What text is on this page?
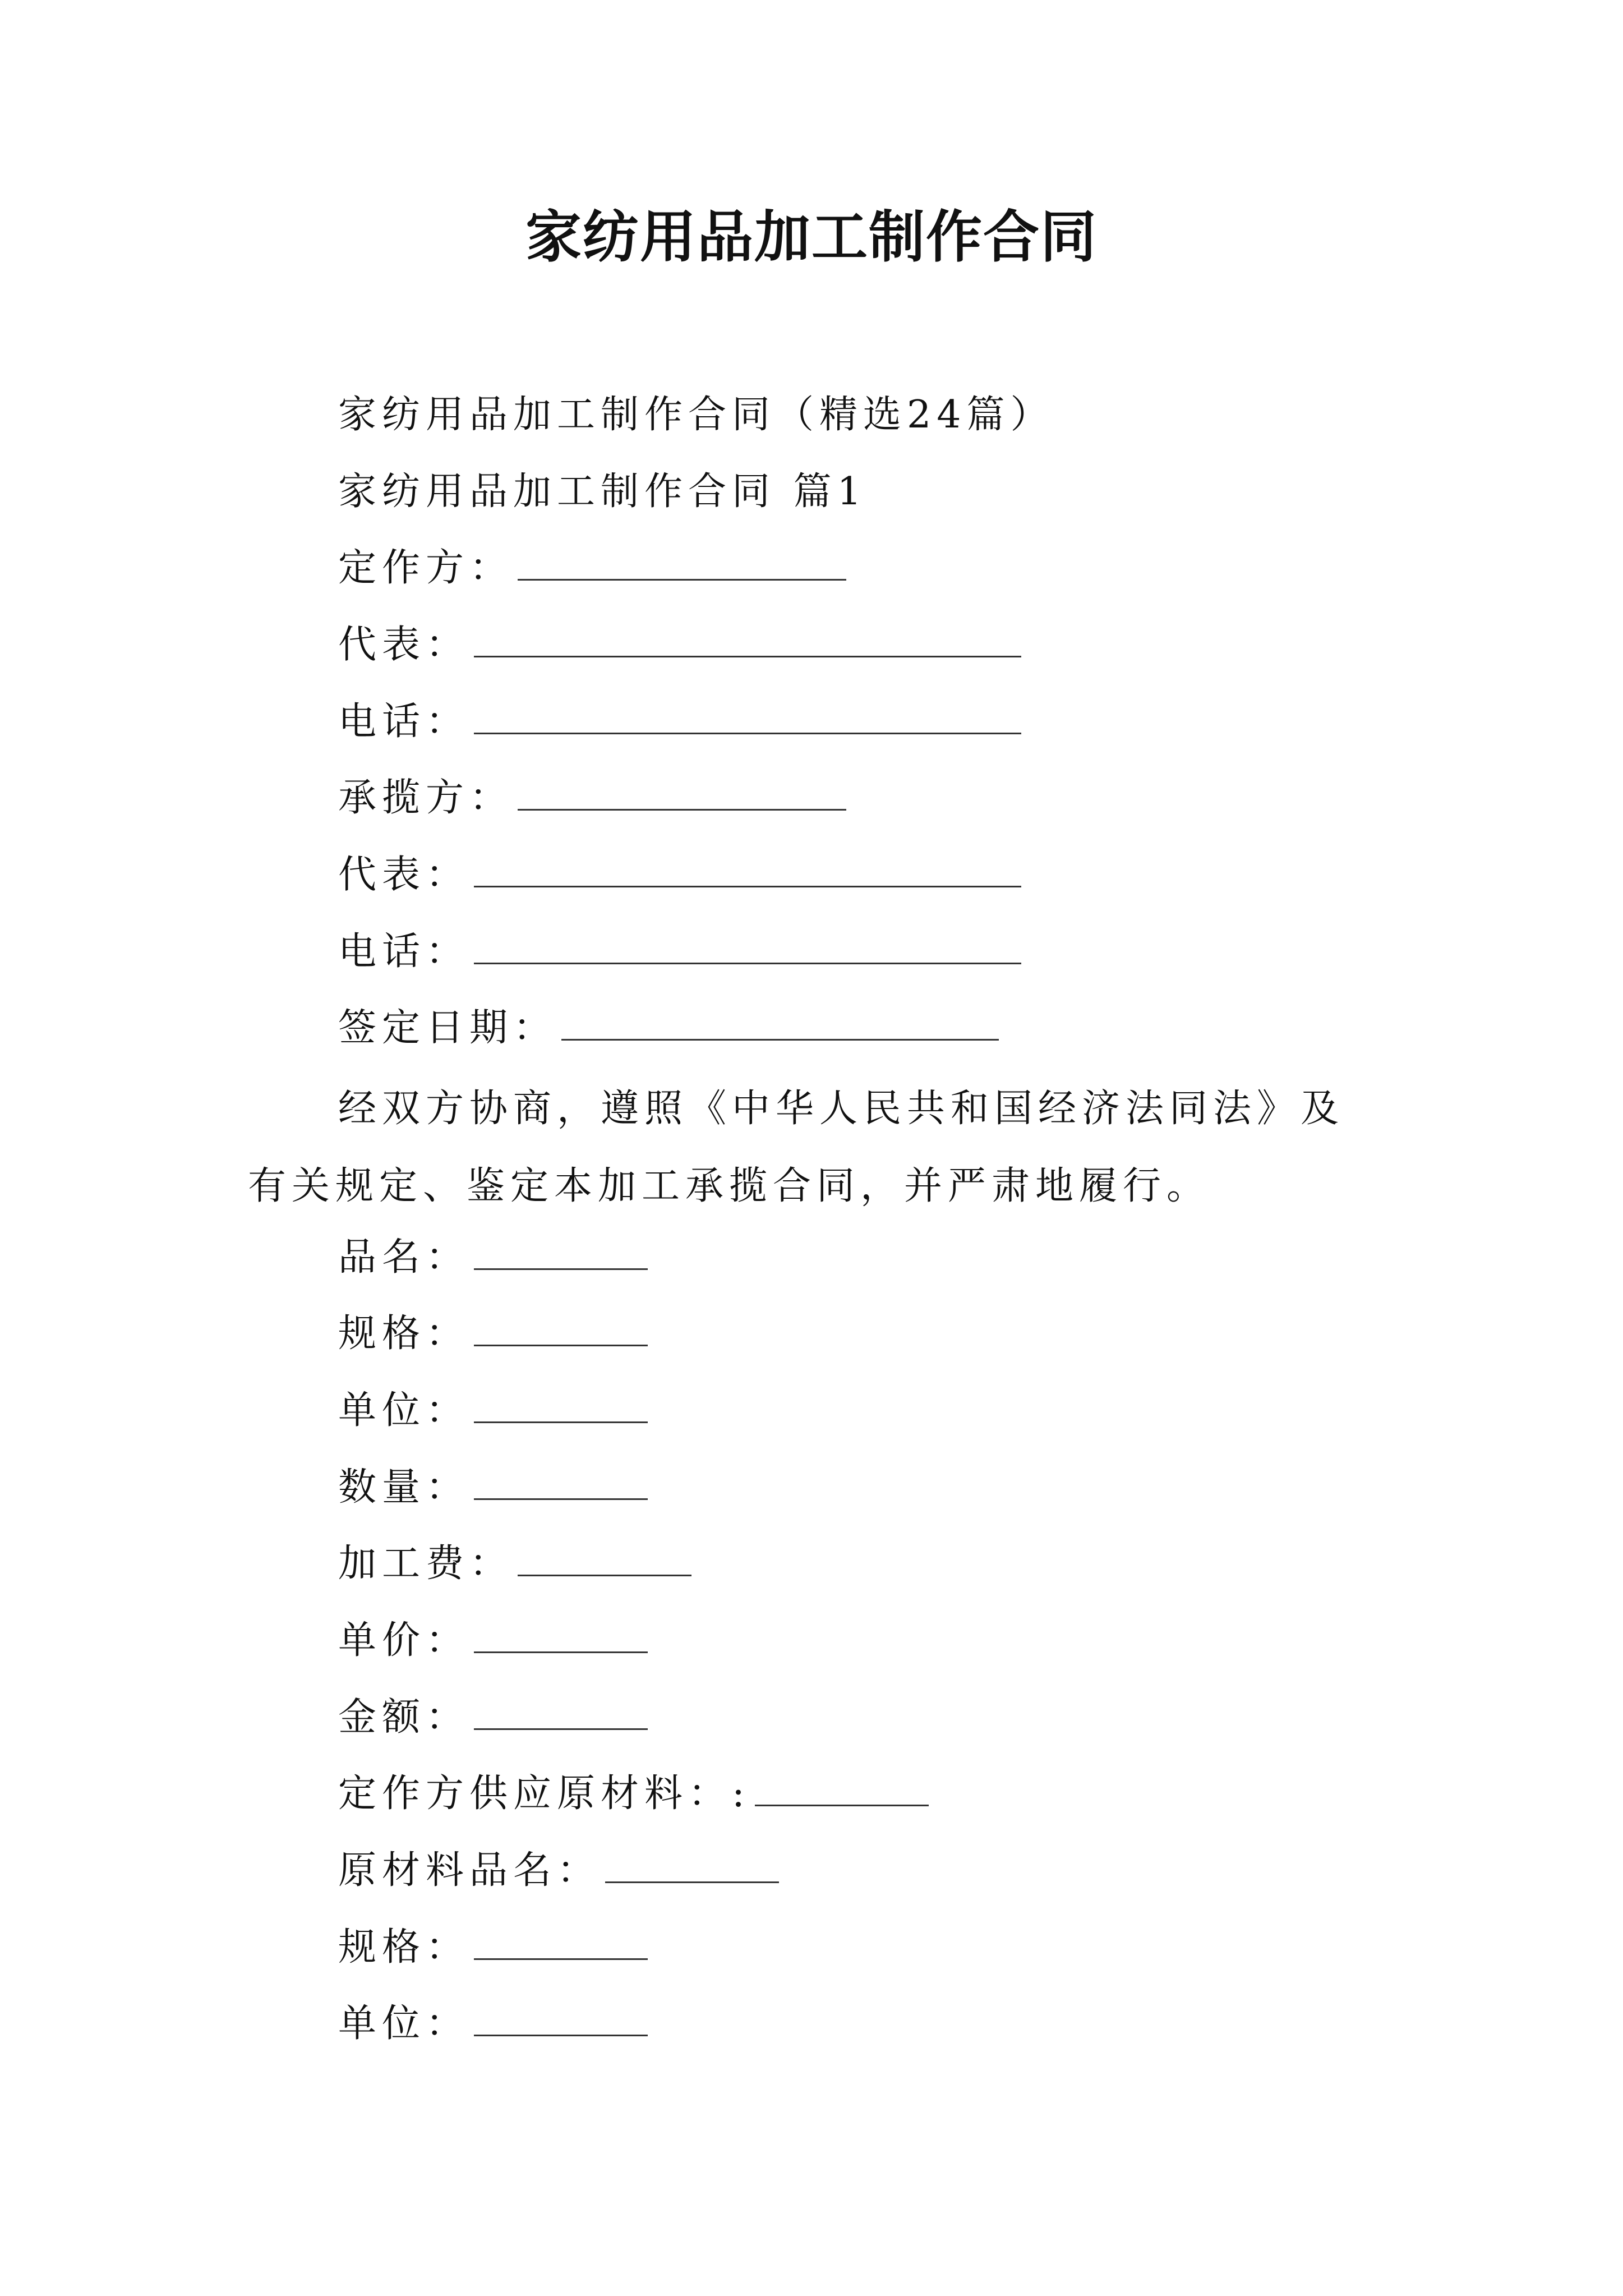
家纺用品加工制作合同
家纺用品加工制作合同（精选24篇）
家纺用品加工制作合同 篇1
定作方：
代表：
电话：
承揽方：
代表：
电话：
签定日期：
经双方协商，遵照《中华人民共和国经济法同法》及有关规定、鉴定本加工承揽合同，并严肃地履行。
品名：
规格：
单位：
数量：
加工费：
单价：
金额：
定作方供应原材料：:
原材料品名：
规格：
单位：
